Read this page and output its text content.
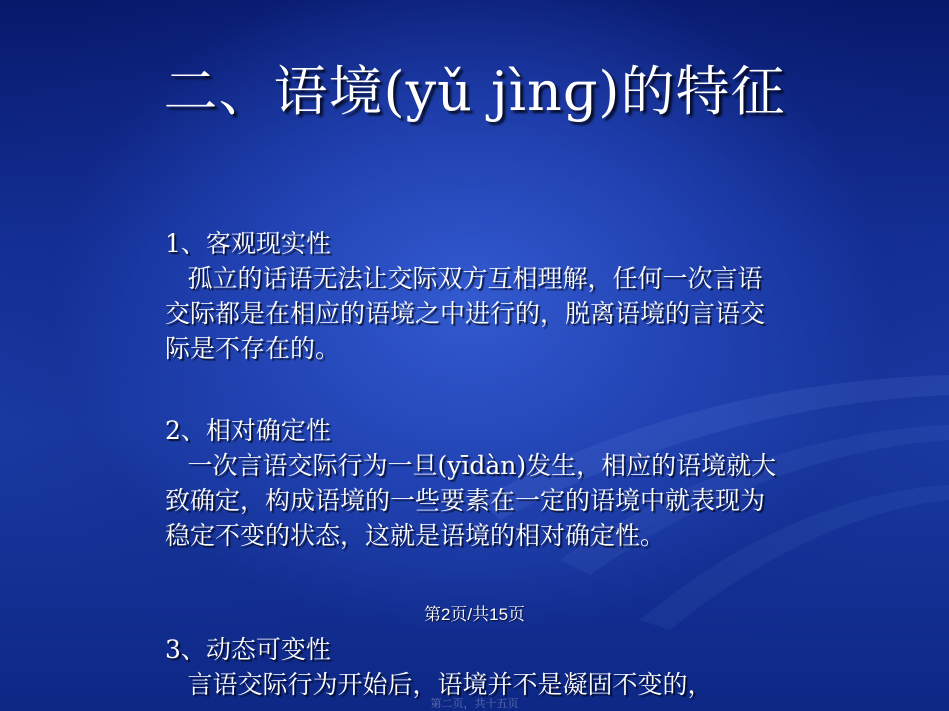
二、语境(yǔ jìnɡ)的特征
1、客观现实性
孤立的话语无法让交际双方互相理解，任何一次言语交际都是在相应的语境之中进行的，脱离语境的言语交际是不存在的。
2、相对确定性
一次言语交际行为一旦(yīdàn)发生，相应的语境就大致确定，构成语境的一些要素在一定的语境中就表现为稳定不变的状态，这就是语境的相对确定性。
第2页/共15页
3、动态可变性
言语交际行为开始后，语境并不是凝固不变的，
第二页，共十五页
